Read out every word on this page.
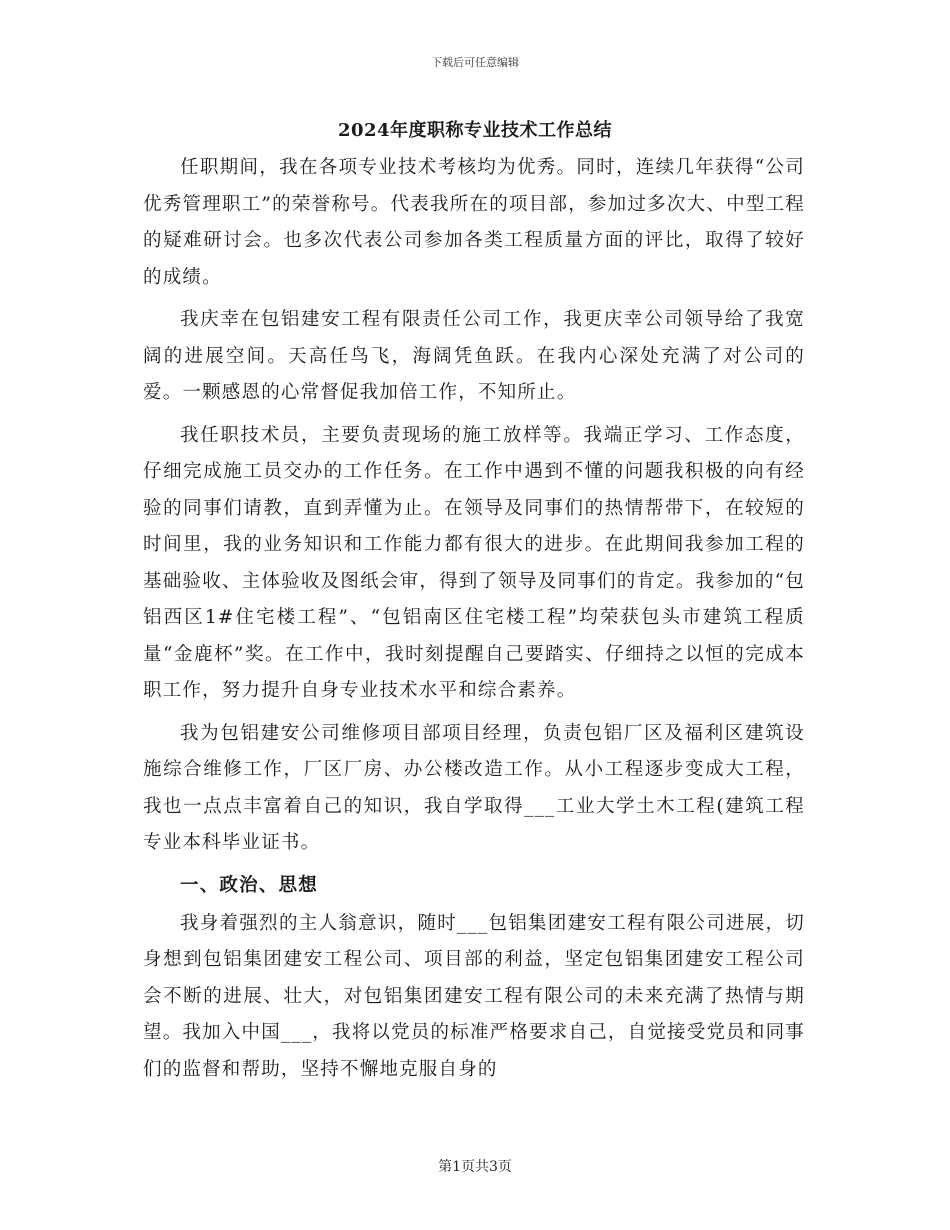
下载后可任意编辑
2024年度职称专业技术工作总结

任职期间，我在各项专业技术考核均为优秀。同时，连续几年获得“公司优秀管理职工”的荣誉称号。代表我所在的项目部，参加过多次大、中型工程的疑难研讨会。也多次代表公司参加各类工程质量方面的评比，取得了较好的成绩。

我庆幸在包铝建安工程有限责任公司工作，我更庆幸公司领导给了我宽阔的进展空间。天高任鸟飞，海阔凭鱼跃。在我内心深处充满了对公司的爱。一颗感恩的心常督促我加倍工作，不知所止。

我任职技术员，主要负责现场的施工放样等。我端正学习、工作态度，仔细完成施工员交办的工作任务。在工作中遇到不懂的问题我积极的向有经验的同事们请教，直到弄懂为止。在领导及同事们的热情帮带下，在较短的时间里，我的业务知识和工作能力都有很大的进步。在此期间我参加工程的基础验收、主体验收及图纸会审，得到了领导及同事们的肯定。我参加的“包铝西区1#住宅楼工程”、“包铝南区住宅楼工程”均荣获包头市建筑工程质量“金鹿杯”奖。在工作中，我时刻提醒自己要踏实、仔细持之以恒的完成本职工作，努力提升自身专业技术水平和综合素养。

我为包铝建安公司维修项目部项目经理，负责包铝厂区及福利区建筑设施综合维修工作，厂区厂房、办公楼改造工作。从小工程逐步变成大工程，我也一点点丰富着自己的知识，我自学取得___工业大学土木工程(建筑工程专业本科毕业证书。

一、政治、思想

我身着强烈的主人翁意识，随时___包铝集团建安工程有限公司进展，切身想到包铝集团建安工程公司、项目部的利益，坚定包铝集团建安工程公司会不断的进展、壮大，对包铝集团建安工程有限公司的未来充满了热情与期望。我加入中国___，我将以党员的标准严格要求自己，自觉接受党员和同事们的监督和帮助，坚持不懈地克服自身的

第1页共3页
